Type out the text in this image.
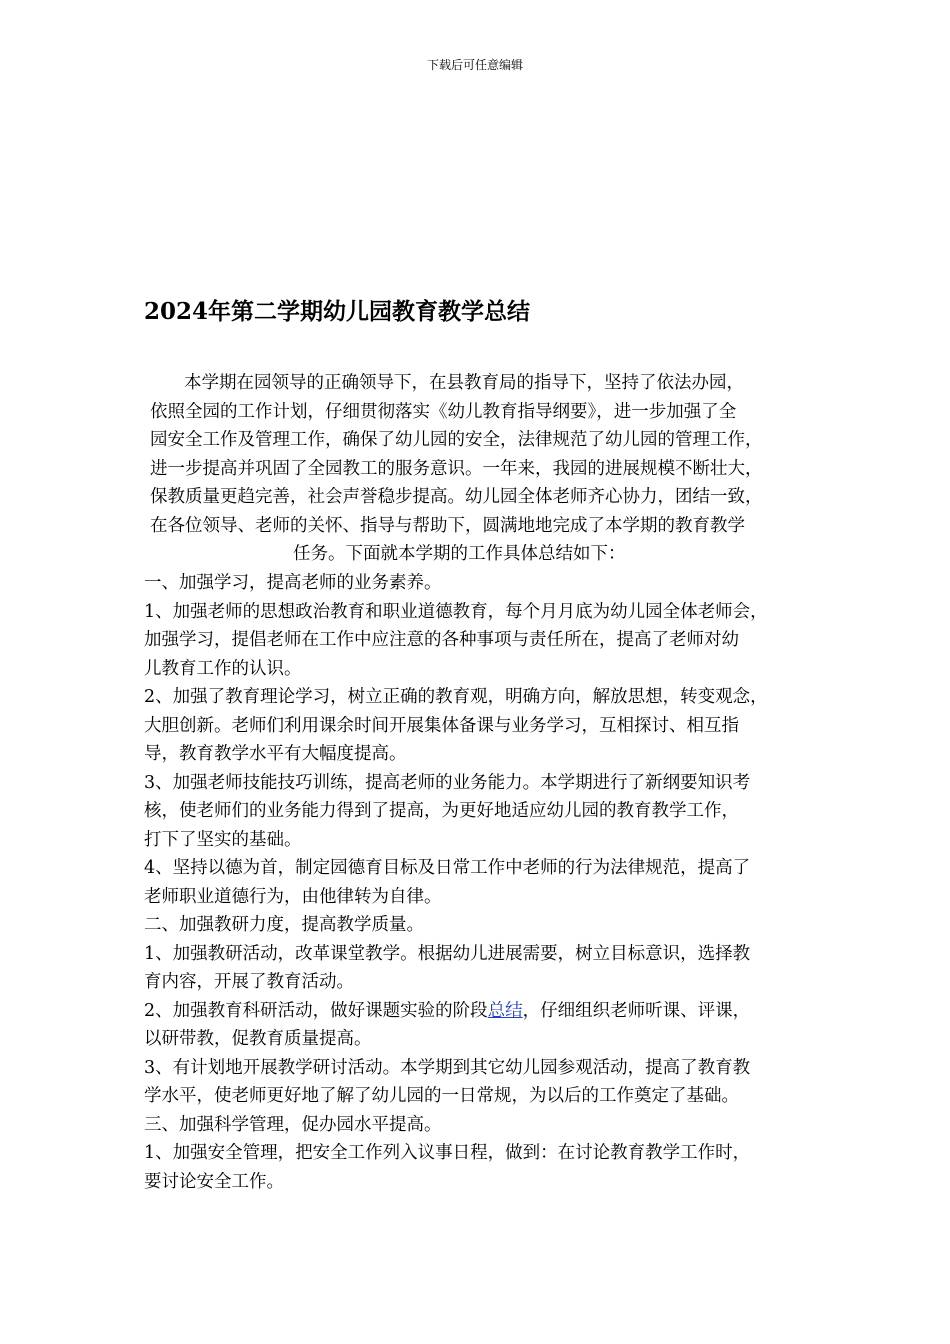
下载后可任意编辑
2024年第二学期幼儿园教育教学总结
本学期在园领导的正确领导下，在县教育局的指导下，坚持了依法办园，
依照全园的工作计划，仔细贯彻落实《幼儿教育指导纲要》，进一步加强了全
园安全工作及管理工作，确保了幼儿园的安全，法律规范了幼儿园的管理工作，
进一步提高并巩固了全园教工的服务意识。一年来，我园的进展规模不断壮大，
保教质量更趋完善，社会声誉稳步提高。幼儿园全体老师齐心协力，团结一致，
在各位领导、老师的关怀、指导与帮助下，圆满地地完成了本学期的教育教学
任务。下面就本学期的工作具体总结如下：
一、加强学习，提高老师的业务素养。
1、加强老师的思想政治教育和职业道德教育，每个月月底为幼儿园全体老师会，
加强学习，提倡老师在工作中应注意的各种事项与责任所在，提高了老师对幼
儿教育工作的认识。
2、加强了教育理论学习，树立正确的教育观，明确方向，解放思想，转变观念，
大胆创新。老师们利用课余时间开展集体备课与业务学习，互相探讨、相互指
导，教育教学水平有大幅度提高。
3、加强老师技能技巧训练，提高老师的业务能力。本学期进行了新纲要知识考
核，使老师们的业务能力得到了提高，为更好地适应幼儿园的教育教学工作，
打下了坚实的基础。
4、坚持以德为首，制定园德育目标及日常工作中老师的行为法律规范，提高了
老师职业道德行为，由他律转为自律。
二、加强教研力度，提高教学质量。
1、加强教研活动，改革课堂教学。根据幼儿进展需要，树立目标意识，选择教
育内容，开展了教育活动。
2、加强教育科研活动，做好课题实验的阶段总结，仔细组织老师听课、评课，
以研带教，促教育质量提高。
3、有计划地开展教学研讨活动。本学期到其它幼儿园参观活动，提高了教育教
学水平，使老师更好地了解了幼儿园的一日常规，为以后的工作奠定了基础。
三、加强科学管理，促办园水平提高。
1、加强安全管理，把安全工作列入议事日程，做到：在讨论教育教学工作时，
要讨论安全工作。
